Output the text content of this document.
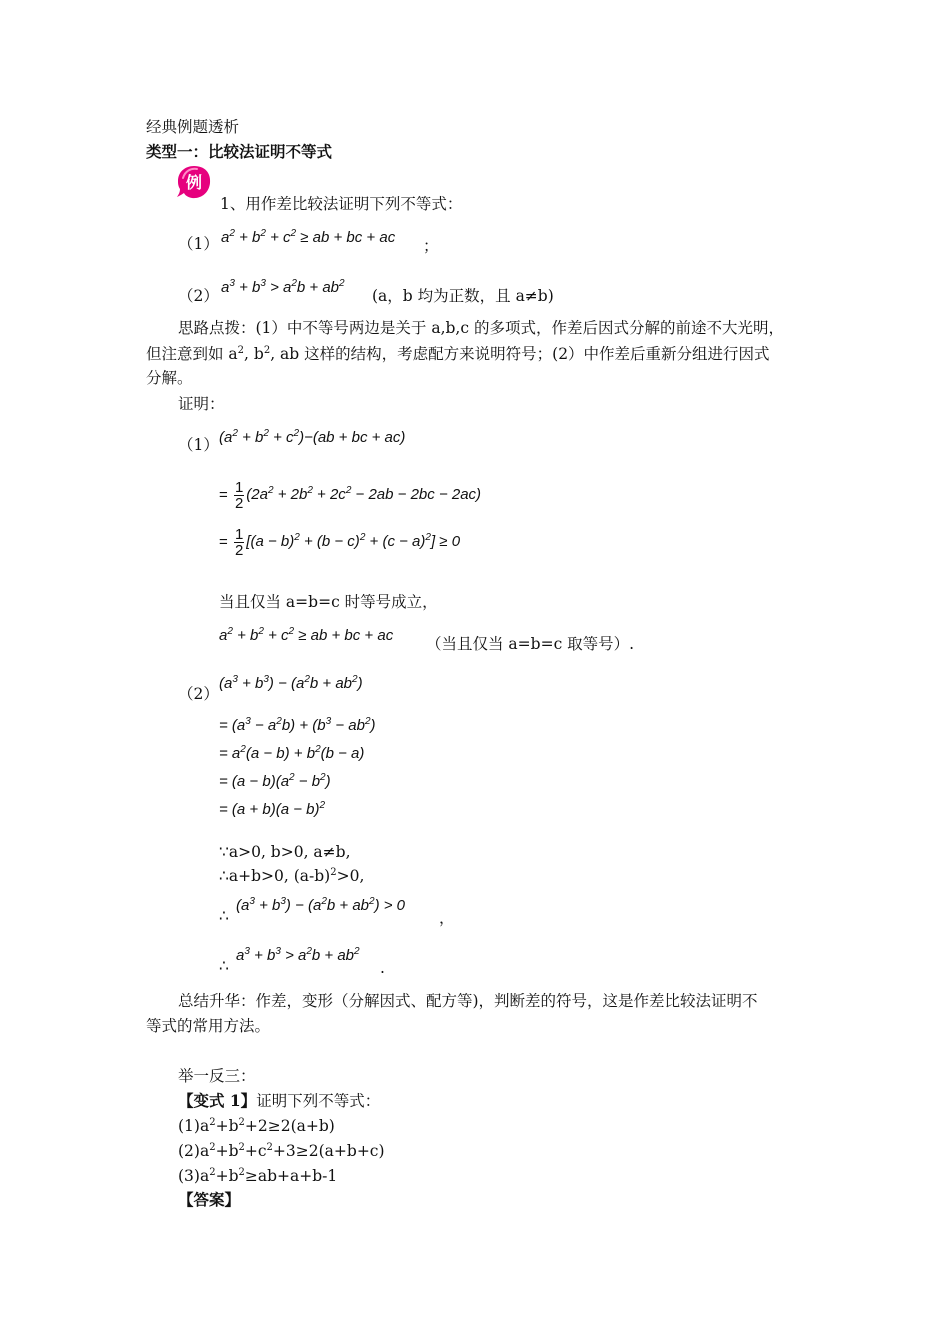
经典例题透析
类型一：比较法证明不等式
例
1、用作差比较法证明下列不等式：
（1） $a^2 + b^2 + c^2$ ≥ ab + bc + ac ；
（2） $a^3 + b^3 > a^2b + ab^2$
(a，b 均为正数，且 a≠b)
思路点拨：(1）中不等号两边是关于 a,b,c 的多项式，作差后因式分解的前途不大光明，
但注意到如 $a^2$, $b^2$, ab 这样的结构，考虑配方来说明符号；(2）中作差后重新分组进行因式
分解。
证明：
（1） $(a^2 + b^2 + c^2)-(ab$ + bc + ac)
= $\frac{1}{2} (2a^2 + 2b^2 + 2c^2 - 2ab - 2bc - 2ac)$
= $\frac{1}{2} [(a - b)^2 + (b - c)^2 + (c - a)^2] \ge 0$
当且仅当 a=b=c 时等号成立，
$a^2 + b^2 + c^2$ ≥ ab + bc + ac （当且仅当 a=b=c 取等号）.
（2）
$(a^3 + b^3) - (a^2b + ab^2)$
= $(a^3 - a^2b) + (b^3 - ab^2)$
= $a^2(a - b) + b^2(b - a)$
= $(a - b)(a^2 - b^2)$
= $(a + b)(a - b)^2$
∵a>0, b>0, a≠b,
∴a+b>0, $(a-b)^2>0$,
∴
$(a^3 + b^3) - (a^2b + ab^2) > 0$
，
∴
$a^3 + b^3 > a^2b + ab^2$
.
总结升华：作差，变形（分解因式、配方等)，判断差的符号，这是作差比较法证明不
等式的常用方法。
举一反三：
【变式 1】证明下列不等式：
$(1)a^2+b^2+2\ge 2(a+b)$
$(2)a^2+b^2+c^2+3\ge 2(a+b+c)$
$(3)a^2+b^2\ge ab+a+b-1$
【答案】
